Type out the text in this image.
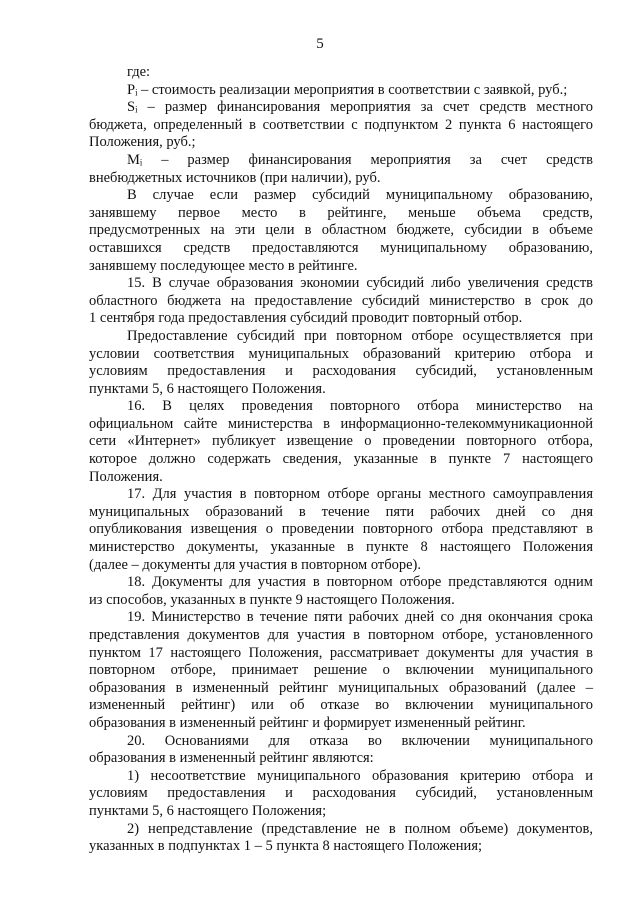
5
где:
Рᵢ – стоимость реализации мероприятия в соответствии с заявкой, руб.;
Sᵢ – размер финансирования мероприятия за счет средств местного
бюджета, определенный в соответствии с подпунктом 2 пункта 6 настоящего
Положения, руб.;
Мᵢ – размер финансирования мероприятия за счет средств
внебюджетных источников (при наличии), руб.
В случае если размер субсидий муниципальному образованию,
занявшему первое место в рейтинге, меньше объема средств,
предусмотренных на эти цели в областном бюджете, субсидии в объеме
оставшихся средств предоставляются муниципальному образованию,
занявшему последующее место в рейтинге.
15. В случае образования экономии субсидий либо увеличения средств
областного бюджета на предоставление субсидий министерство в срок до
1 сентября года предоставления субсидий проводит повторный отбор.
Предоставление субсидий при повторном отборе осуществляется при
условии соответствия муниципальных образований критерию отбора и
условиям предоставления и расходования субсидий, установленным
пунктами 5, 6 настоящего Положения.
16. В целях проведения повторного отбора министерство на
официальном сайте министерства в информационно-телекоммуникационной
сети «Интернет» публикует извещение о проведении повторного отбора,
которое должно содержать сведения, указанные в пункте 7 настоящего
Положения.
17. Для участия в повторном отборе органы местного самоуправления
муниципальных образований в течение пяти рабочих дней со дня
опубликования извещения о проведении повторного отбора представляют в
министерство документы, указанные в пункте 8 настоящего Положения
(далее – документы для участия в повторном отборе).
18. Документы для участия в повторном отборе представляются одним
из способов, указанных в пункте 9 настоящего Положения.
19. Министерство в течение пяти рабочих дней со дня окончания срока
представления документов для участия в повторном отборе, установленного
пунктом 17 настоящего Положения, рассматривает документы для участия в
повторном отборе, принимает решение о включении муниципального
образования в измененный рейтинг муниципальных образований (далее –
измененный рейтинг) или об отказе во включении муниципального
образования в измененный рейтинг и формирует измененный рейтинг.
20. Основаниями для отказа во включении муниципального
образования в измененный рейтинг являются:
1) несоответствие муниципального образования критерию отбора и
условиям предоставления и расходования субсидий, установленным
пунктами 5, 6 настоящего Положения;
2) непредставление (представление не в полном объеме) документов,
указанных в подпунктах 1 – 5 пункта 8 настоящего Положения;
